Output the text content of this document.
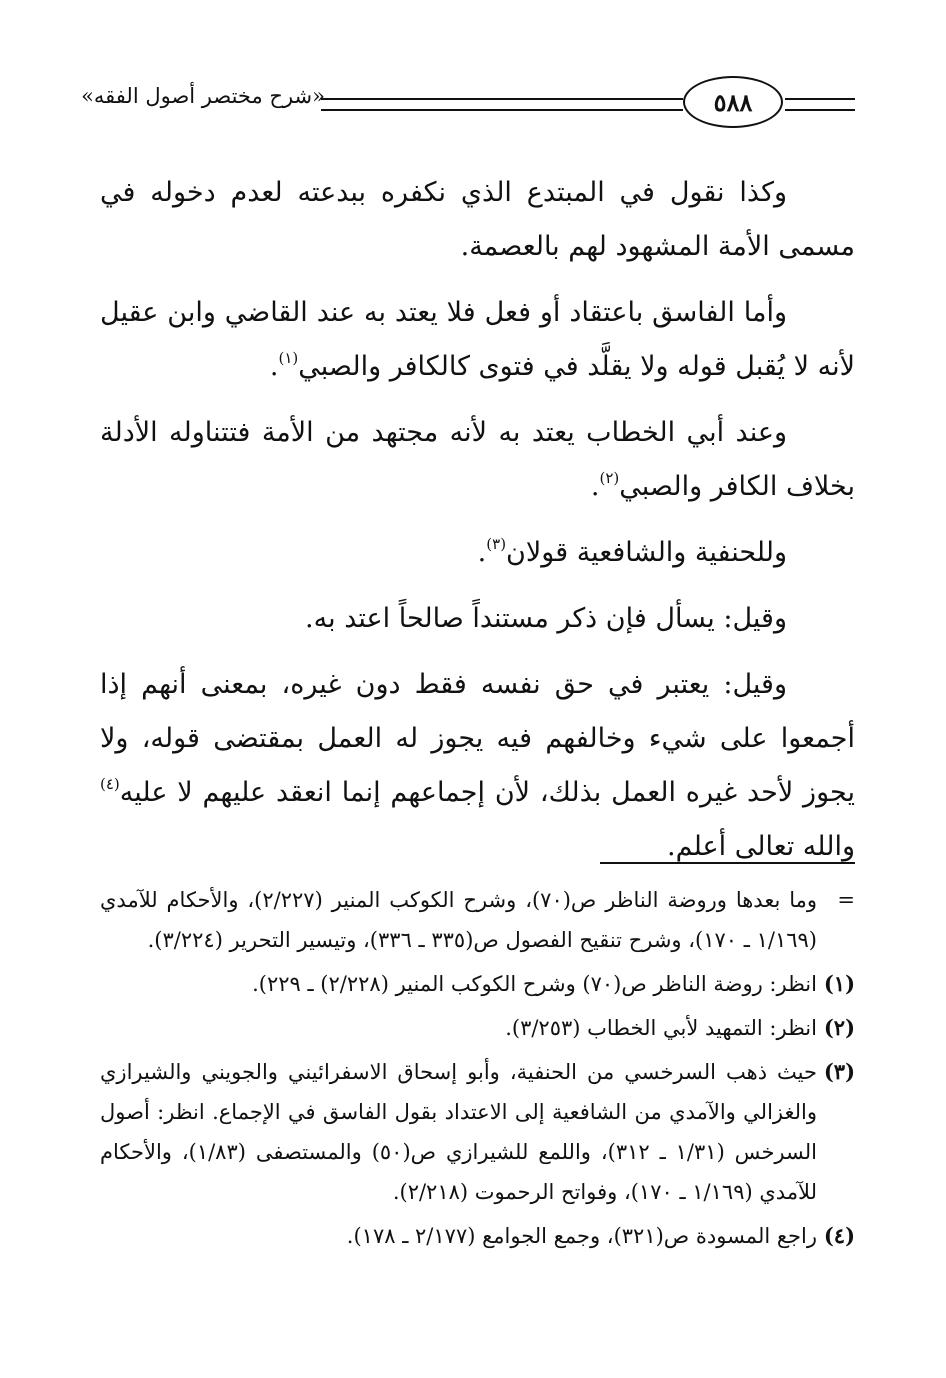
«شرح مختصر أصول الفقه»	٥٨٨

وكذا نقول في المبتدع الذي نكفره ببدعته لعدم دخوله في مسمى الأمة المشهود لهم بالعصمة.

وأما الفاسق باعتقاد أو فعل فلا يعتد به عند القاضي وابن عقيل لأنه لا يُقبل قوله ولا يقلَّد في فتوى كالكافر والصبي$^{(١)}$.

وعند أبي الخطاب يعتد به لأنه مجتهد من الأمة فتتناوله الأدلة بخلاف الكافر والصبي$^{(٢)}$.

وللحنفية والشافعية قولان$^{(٣)}$.

وقيل: يسأل فإن ذكر مستنداً صالحاً اعتد به.

وقيل: يعتبر في حق نفسه فقط دون غيره، بمعنى أنهم إذا أجمعوا على شيء وخالفهم فيه يجوز له العمل بمقتضى قوله، ولا يجوز لأحد غيره العمل بذلك، لأن إجماعهم إنما انعقد عليهم لا عليه$^{(٤)}$ والله تعالى أعلم.

=
وما بعدها وروضة الناظر ص(٧٠)، وشرح الكوكب المنير (٢/٢٢٧)، والأحكام للآمدي (١/١٦٩ ـ ١٧٠)، وشرح تنقيح الفصول ص(٣٣٥ ـ ٣٣٦)، وتيسير التحرير (٣/٢٢٤).
(١)
انظر: روضة الناظر ص(٧٠) وشرح الكوكب المنير (٢/٢٢٨) ـ ٢٢٩).
(٢)
انظر: التمهيد لأبي الخطاب (٣/٢٥٣).
(٣)
حيث ذهب السرخسي من الحنفية، وأبو إسحاق الاسفرائيني والجويني والشيرازي والغزالي والآمدي من الشافعية إلى الاعتداد بقول الفاسق في الإجماع. انظر: أصول السرخس (١/٣١ ـ ٣١٢)، واللمع للشيرازي ص(٥٠) والمستصفى (١/٨٣)، والأحكام للآمدي (١/١٦٩ ـ ١٧٠)، وفواتح الرحموت (٢/٢١٨).
(٤)
راجع المسودة ص(٣٢١)، وجمع الجوامع (٢/١٧٧ ـ ١٧٨).
